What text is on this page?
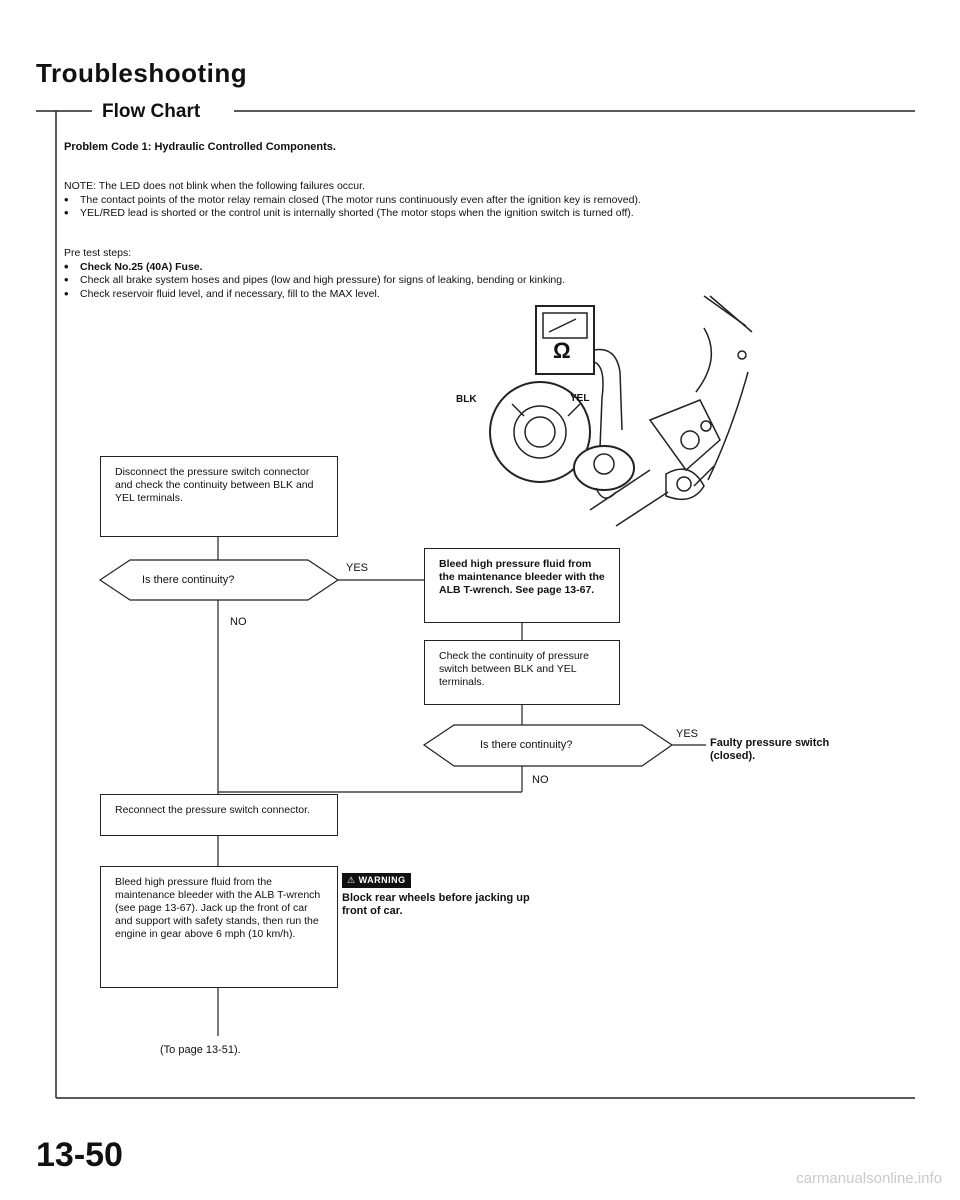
Troubleshooting
Flow Chart
Problem Code 1: Hydraulic Controlled Components.
NOTE: The LED does not blink when the following failures occur.
• The contact points of the motor relay remain closed (The motor runs continuously even after the ignition key is removed).
• YEL/RED lead is shorted or the control unit is internally shorted (The motor stops when the ignition switch is turned off).
Pre test steps:
• Check No.25 (40A) Fuse.
• Check all brake system hoses and pipes (low and high pressure) for signs of leaking, bending or kinking.
• Check reservoir fluid level, and if necessary, fill to the MAX level.
Ω
BLK	YEL
Disconnect the pressure switch connector and check the continuity between BLK and YEL terminals.
Is there continuity?
YES
NO
Bleed high pressure fluid from the maintenance bleeder with the ALB T-wrench. See page 13-67.
Check the continuity of pressure switch between BLK and YEL terminals.
Is there continuity?
YES
NO
Faulty pressure switch (closed).
Reconnect the pressure switch connector.
Bleed high pressure fluid from the maintenance bleeder with the ALB T-wrench (see page 13-67). Jack up the front of car and support with safety stands, then run the engine in gear above 6 mph (10 km/h).
(To page 13-51).
⚠ WARNING
Block rear wheels before jacking up front of car.
13-50
carmanualsonline.info
